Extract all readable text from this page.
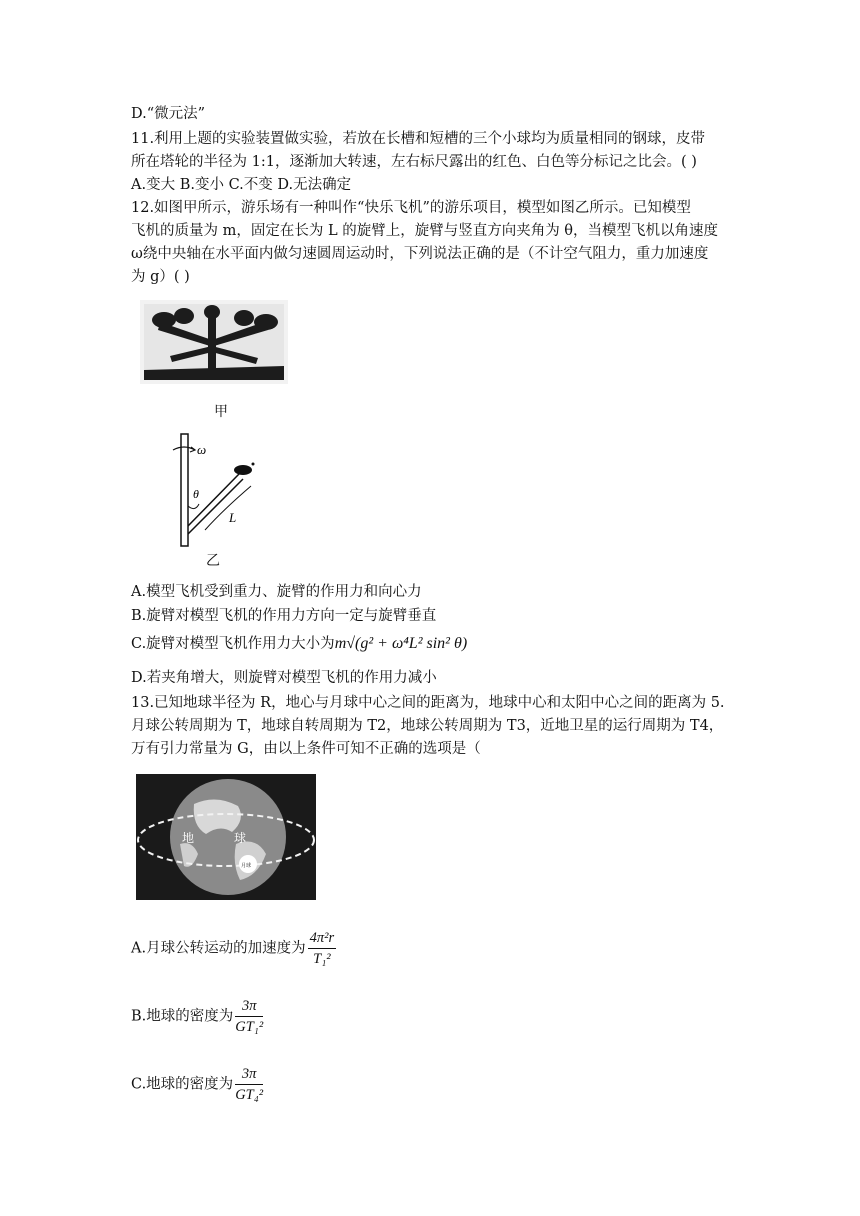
D.“微元法”
11.利用上题的实验装置做实验，若放在长槽和短槽的三个小球均为质量相同的钢球，皮带
所在塔轮的半径为 1:1，逐渐加大转速，左右标尺露出的红色、白色等分标记之比会。( )
A.变大 B.变小 C.不变 D.无法确定
12.如图甲所示，游乐场有一种叫作“快乐飞机”的游乐项目，模型如图乙所示。已知模型
飞机的质量为 m，固定在长为 L 的旋臂上，旋臂与竖直方向夹角为 θ，当模型飞机以角速度
ω绕中央轴在水平面内做匀速圆周运动时，下列说法正确的是（不计空气阻力，重力加速度
为 g）( )
甲
ω
θ
L
乙
A.模型飞机受到重力、旋臂的作用力和向心力
B.旋臂对模型飞机的作用力方向一定与旋臂垂直
C.旋臂对模型飞机作用力大小为m√(g² + ω⁴L² sin² θ)
D.若夹角增大，则旋臂对模型飞机的作用力减小
13.已知地球半径为 R，地心与月球中心之间的距离为，地球中心和太阳中心之间的距离为 5.
月球公转周期为 T，地球自转周期为 T2，地球公转周期为 T3，近地卫星的运行周期为 T4，
万有引力常量为 G，由以上条件可知不正确的选项是（
地	球
月球
A.月球公转运动的加速度为 $\frac{\text{4π²r}}{\text{T₁²}}$
B.地球的密度为 $\frac{3\pi}{\text{GT₁²}}$
C.地球的密度为 $\frac{3\pi}{\text{GT₄²}}$
